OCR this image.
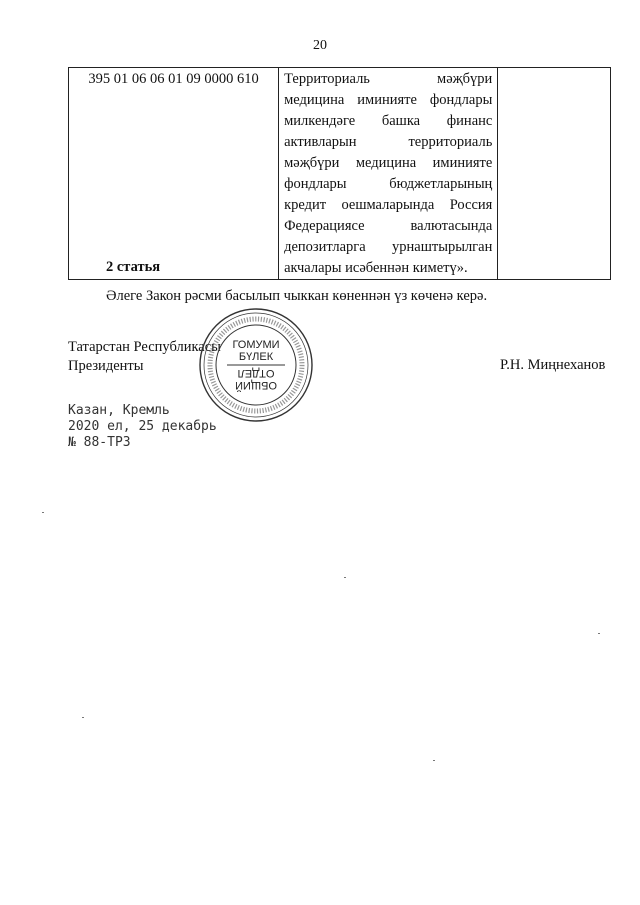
20
395 01 06 06 01 09 0000 610	Территориаль мәҗбүри медицина иминияте фондлары милкендәге башка финанс активларын территориаль мәҗбүри медицина иминияте фондлары бюджетларының кредит оешмаларында Россия Федерациясе валютасында депозитларга урнаштырылган акчалары исәбеннән киметү».	
2 статья
Әлеге Закон рәсми басылып чыккан көненнән үз көченә керә.
Татарстан Республикасы
Президенты	Р.Н. Миңнеханов
ГОМУМИ
БҮЛЕК
ОБЩИЙ
ОТДЕЛ
Казан, Кремль
2020 ел, 25 декабрь
№ 88-ТРЗ
